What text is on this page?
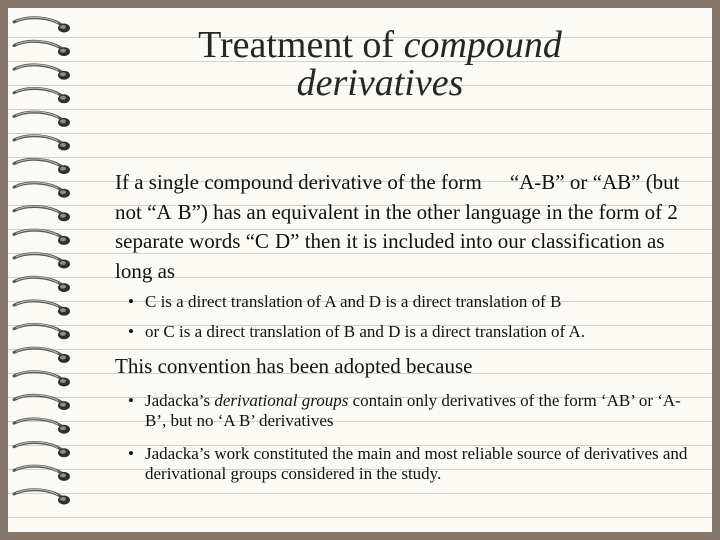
Treatment of compound
derivatives

If a single compound derivative of the form “A-B” or “AB” (but not “A B”) has an equivalent in the other language in the form of 2 separate words “C D” then it is included into our classification as long as

• C is a direct translation of A and D is a direct translation of B
• or C is a direct translation of B and D is a direct translation of A.

This convention has been adopted because

• Jadacka’s derivational groups contain only derivatives of the form ‘AB’ or ‘A-B’, but no ‘A B’ derivatives
• Jadacka’s work constituted the main and most reliable source of derivatives and derivational groups considered in the study.
